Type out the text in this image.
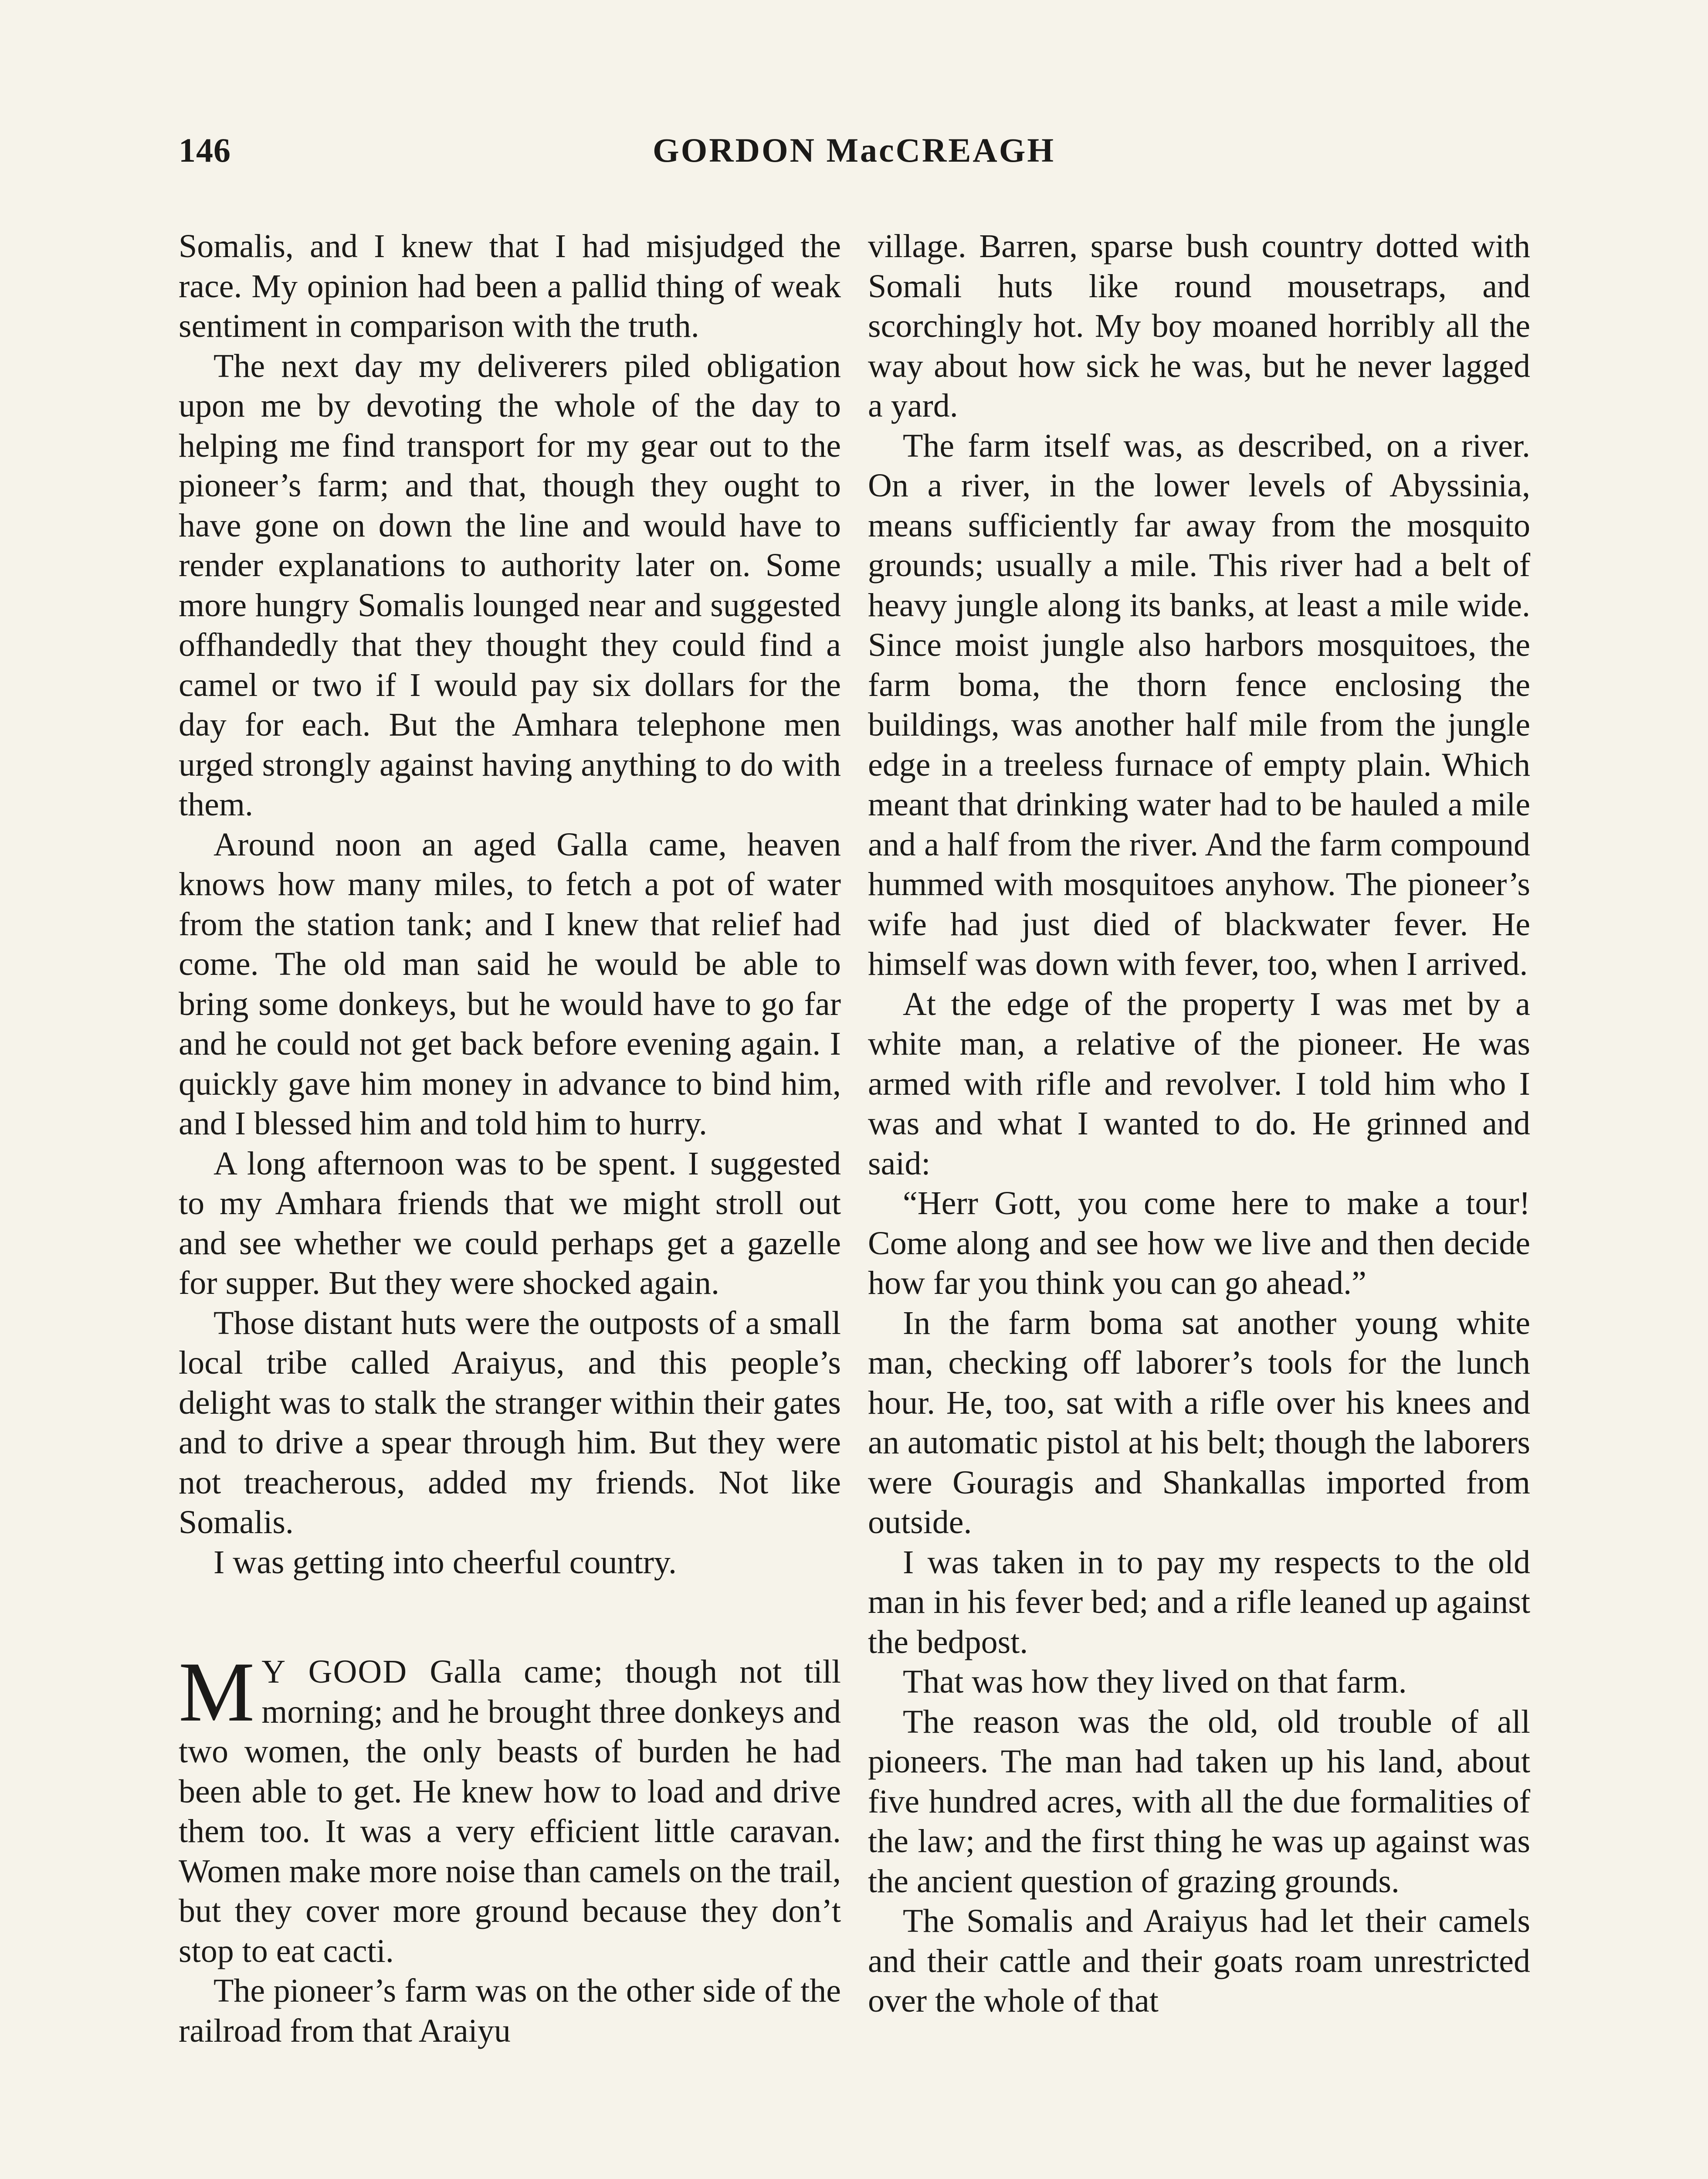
146	GORDON MacCREAGH

Somalis, and I knew that I had misjudged the race. My opinion had been a pallid thing of weak sentiment in comparison with the truth.

The next day my deliverers piled obligation upon me by devoting the whole of the day to helping me find transport for my gear out to the pioneer’s farm; and that, though they ought to have gone on down the line and would have to render explanations to authority later on. Some more hungry Somalis lounged near and suggested offhandedly that they thought they could find a camel or two if I would pay six dollars for the day for each. But the Amhara telephone men urged strongly against having anything to do with them.

Around noon an aged Galla came, heaven knows how many miles, to fetch a pot of water from the station tank; and I knew that relief had come. The old man said he would be able to bring some donkeys, but he would have to go far and he could not get back before evening again. I quickly gave him money in advance to bind him, and I blessed him and told him to hurry.

A long afternoon was to be spent. I suggested to my Amhara friends that we might stroll out and see whether we could perhaps get a gazelle for supper. But they were shocked again.

Those distant huts were the outposts of a small local tribe called Araiyus, and this people’s delight was to stalk the stranger within their gates and to drive a spear through him. But they were not treacherous, added my friends. Not like Somalis.

I was getting into cheerful country.

M Y GOOD Galla came; though not till morning; and he brought three donkeys and two women, the only beasts of burden he had been able to get. He knew how to load and drive them too. It was a very efficient little caravan. Women make more noise than camels on the trail, but they cover more ground because they don’t stop to eat cacti.

The pioneer’s farm was on the other side of the railroad from that Araiyu

village. Barren, sparse bush country dotted with Somali huts like round mousetraps, and scorchingly hot. My boy moaned horribly all the way about how sick he was, but he never lagged a yard.

The farm itself was, as described, on a river. On a river, in the lower levels of Abyssinia, means sufficiently far away from the mosquito grounds; usually a mile. This river had a belt of heavy jungle along its banks, at least a mile wide. Since moist jungle also harbors mosquitoes, the farm boma, the thorn fence enclosing the buildings, was another half mile from the jungle edge in a treeless furnace of empty plain. Which meant that drinking water had to be hauled a mile and a half from the river. And the farm compound hummed with mosquitoes anyhow. The pioneer’s wife had just died of blackwater fever. He himself was down with fever, too, when I arrived.

At the edge of the property I was met by a white man, a relative of the pioneer. He was armed with rifle and revolver. I told him who I was and what I wanted to do. He grinned and said:

“Herr Gott, you come here to make a tour! Come along and see how we live and then decide how far you think you can go ahead.”

In the farm boma sat another young white man, checking off laborer’s tools for the lunch hour. He, too, sat with a rifle over his knees and an automatic pistol at his belt; though the laborers were Gouragis and Shankallas imported from outside.

I was taken in to pay my respects to the old man in his fever bed; and a rifle leaned up against the bedpost.

That was how they lived on that farm.

The reason was the old, old trouble of all pioneers. The man had taken up his land, about five hundred acres, with all the due formalities of the law; and the first thing he was up against was the ancient question of grazing grounds.

The Somalis and Araiyus had let their camels and their cattle and their goats roam unrestricted over the whole of that
